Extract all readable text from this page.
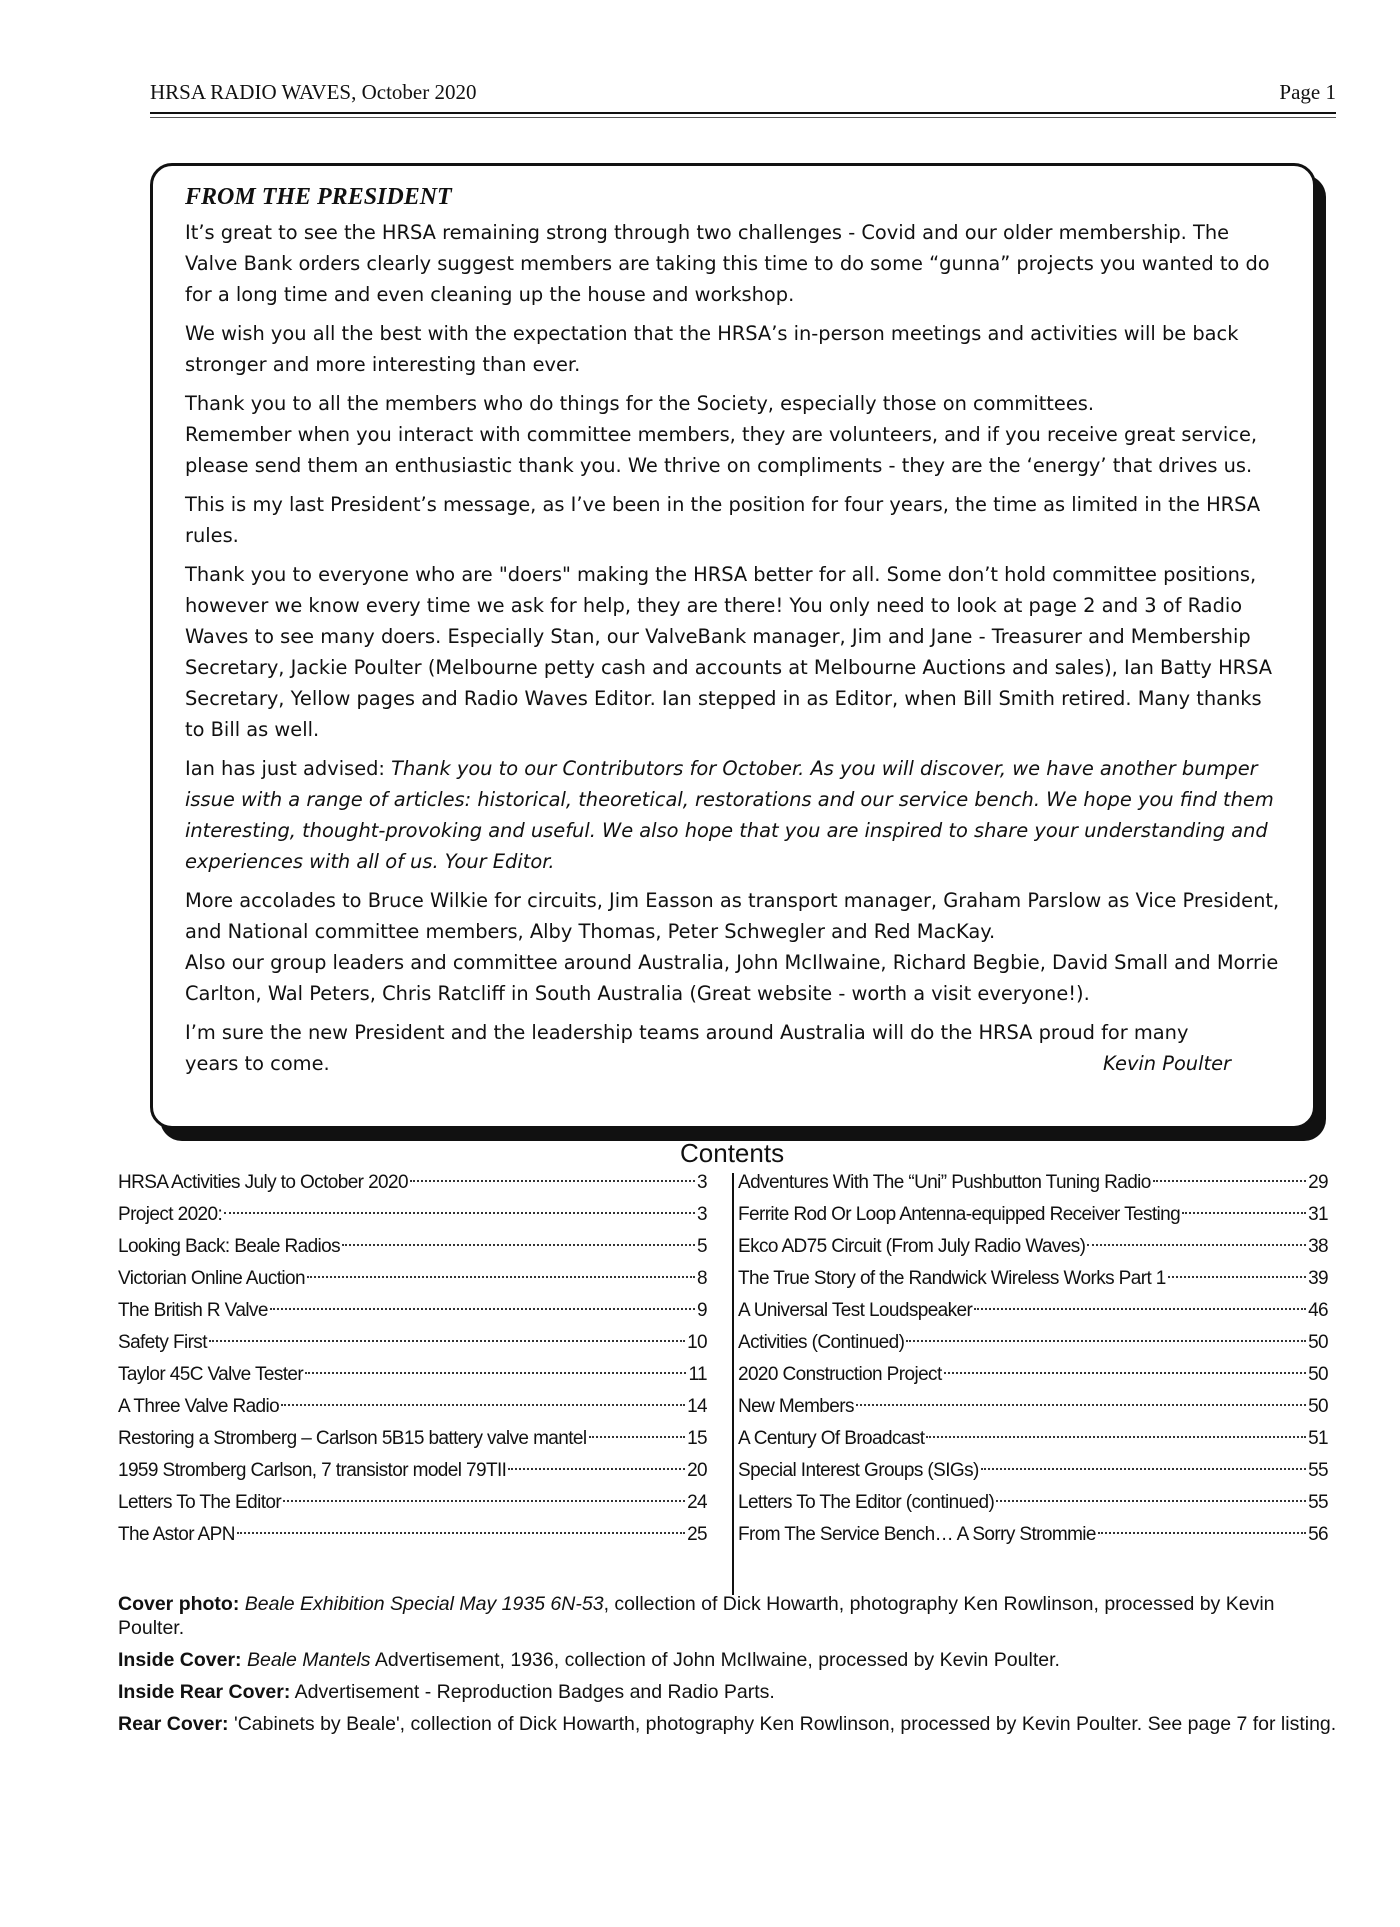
HRSA RADIO WAVES, October 2020	Page 1
FROM THE PRESIDENT

It’s great to see the HRSA remaining strong through two challenges - Covid and our older membership. The Valve Bank orders clearly suggest members are taking this time to do some “gunna” projects you wanted to do for a long time and even cleaning up the house and workshop.

We wish you all the best with the expectation that the HRSA’s in-person meetings and activities will be back stronger and more interesting than ever.

Thank you to all the members who do things for the Society, especially those on committees.

Remember when you interact with committee members, they are volunteers, and if you receive great service, please send them an enthusiastic thank you. We thrive on compliments - they are the ‘energy’ that drives us.

This is my last President’s message, as I’ve been in the position for four years, the time as limited in the HRSA rules.

Thank you to everyone who are "doers" making the HRSA better for all. Some don’t hold committee positions, however we know every time we ask for help, they are there! You only need to look at page 2 and 3 of Radio Waves to see many doers. Especially Stan, our ValveBank manager, Jim and Jane - Treasurer and Membership Secretary, Jackie Poulter (Melbourne petty cash and accounts at Melbourne Auctions and sales), Ian Batty HRSA Secretary, Yellow pages and Radio Waves Editor. Ian stepped in as Editor, when Bill Smith retired. Many thanks to Bill as well.

Ian has just advised: Thank you to our Contributors for October. As you will discover, we have another bumper issue with a range of articles: historical, theoretical, restorations and our service bench. We hope you find them interesting, thought-provoking and useful. We also hope that you are inspired to share your understanding and experiences with all of us. Your Editor.

More accolades to Bruce Wilkie for circuits, Jim Easson as transport manager, Graham Parslow as Vice President, and National committee members, Alby Thomas, Peter Schwegler and Red MacKay.

Also our group leaders and committee around Australia, John McIlwaine, Richard Begbie, David Small and Morrie Carlton, Wal Peters, Chris Ratcliff in South Australia (Great website - worth a visit everyone!).

I’m sure the new President and the leadership teams around Australia will do the HRSA proud for many

years to come.	Kevin Poulter
Contents
HRSA Activities July to October 2020	3
Project 2020:	3
Looking Back: Beale Radios	5
Victorian Online Auction	8
The British R Valve	9
Safety First	10
Taylor 45C Valve Tester	11
A Three Valve Radio	14
Restoring a Stromberg – Carlson 5B15 battery valve mantel	15
1959 Stromberg Carlson, 7 transistor model 79TII	20
Letters To The Editor	24
The Astor APN	25
Adventures With The “Uni” Pushbutton Tuning Radio	29
Ferrite Rod Or Loop Antenna-equipped Receiver Testing	31
Ekco AD75 Circuit (From July Radio Waves)	38
The True Story of the Randwick Wireless Works Part 1	39
A Universal Test Loudspeaker	46
Activities (Continued)	50
2020 Construction Project	50
New Members	50
A Century Of Broadcast	51
Special Interest Groups (SIGs)	55
Letters To The Editor (continued)	55
From The Service Bench… A Sorry Strommie	56

Cover photo: Beale Exhibition Special May 1935 6N-53, collection of Dick Howarth, photography Ken Rowlinson, processed by Kevin Poulter.

Inside Cover: Beale Mantels Advertisement, 1936, collection of John McIlwaine, processed by Kevin Poulter.

Inside Rear Cover: Advertisement - Reproduction Badges and Radio Parts.

Rear Cover: 'Cabinets by Beale', collection of Dick Howarth, photography Ken Rowlinson, processed by Kevin Poulter. See page 7 for listing.
